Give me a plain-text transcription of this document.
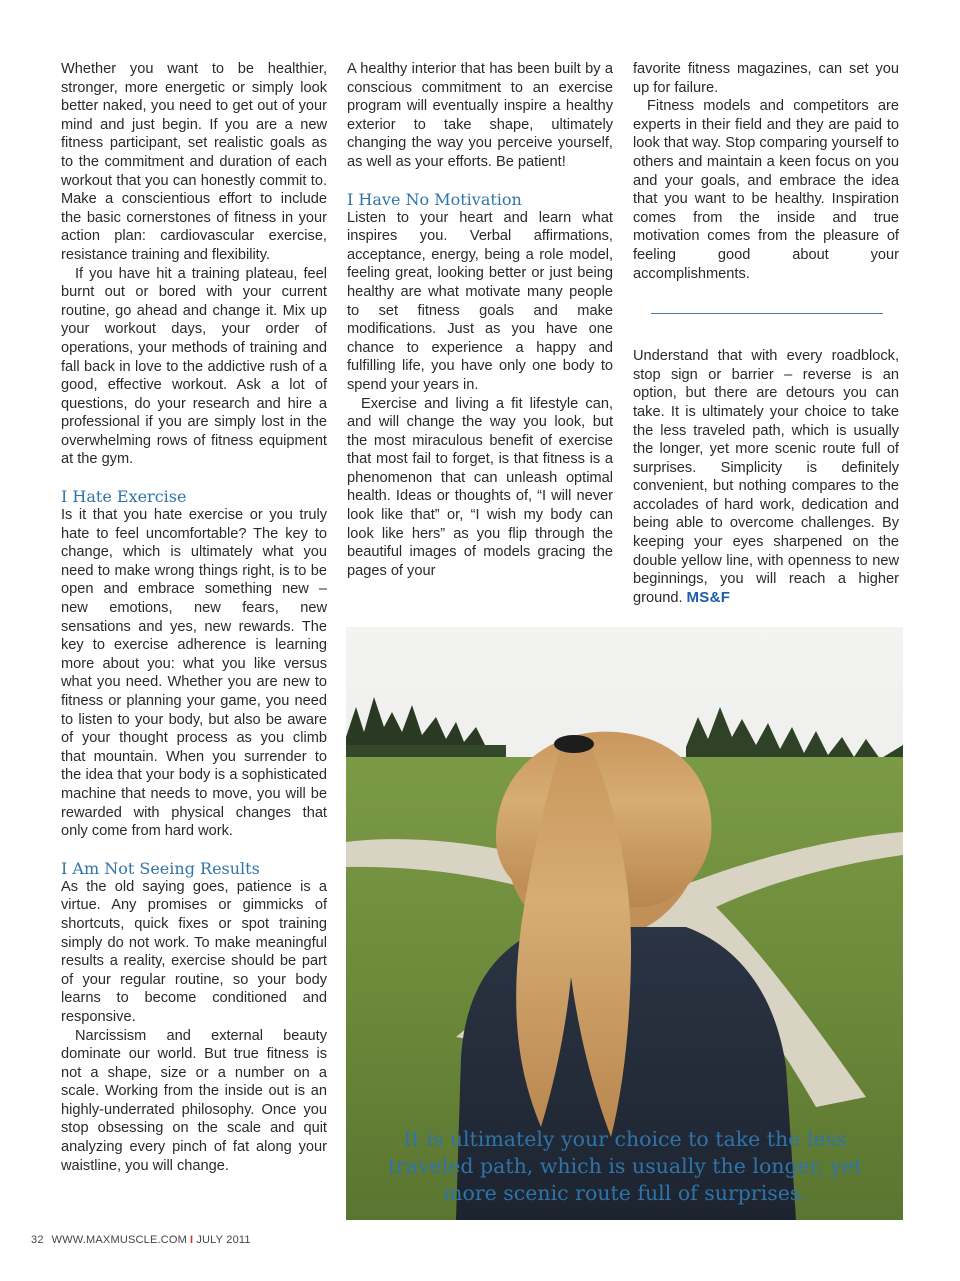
Whether you want to be healthier, stronger, more energetic or simply look better naked, you need to get out of your mind and just begin. If you are a new fitness participant, set realistic goals as to the commitment and duration of each workout that you can honestly commit to. Make a conscientious effort to include the basic cornerstones of fitness in your action plan: cardiovascular exercise, resistance training and flexibility.

If you have hit a training plateau, feel burnt out or bored with your current routine, go ahead and change it. Mix up your workout days, your order of operations, your methods of training and fall back in love to the addictive rush of a good, effective workout. Ask a lot of questions, do your research and hire a professional if you are simply lost in the overwhelming rows of fitness equipment at the gym.

I Hate Exercise

Is it that you hate exercise or you truly hate to feel uncomfortable? The key to change, which is ultimately what you need to make wrong things right, is to be open and embrace something new – new emotions, new fears, new sensations and yes, new rewards. The key to exercise adherence is learning more about you: what you like versus what you need. Whether you are new to fitness or planning your game, you need to listen to your body, but also be aware of your thought process as you climb that mountain. When you surrender to the idea that your body is a sophisticated machine that needs to move, you will be rewarded with physical changes that only come from hard work.

I Am Not Seeing Results

As the old saying goes, patience is a virtue. Any promises or gimmicks of shortcuts, quick fixes or spot training simply do not work. To make meaningful results a reality, exercise should be part of your regular routine, so your body learns to become conditioned and responsive.

Narcissism and external beauty dominate our world. But true fitness is not a shape, size or a number on a scale. Working from the inside out is an highly-underrated philosophy. Once you stop obsessing on the scale and quit analyzing every pinch of fat along your waistline, you will change.

A healthy interior that has been built by a conscious commitment to an exercise program will eventually inspire a healthy exterior to take shape, ultimately changing the way you perceive yourself, as well as your efforts. Be patient!

I Have No Motivation

Listen to your heart and learn what inspires you. Verbal affirmations, acceptance, energy, being a role model, feeling great, looking better or just being healthy are what motivate many people to set fitness goals and make modifications. Just as you have one chance to experience a happy and fulfilling life, you have only one body to spend your years in.

Exercise and living a fit lifestyle can, and will change the way you look, but the most miraculous benefit of exercise that most fail to forget, is that fitness is a phenomenon that can unleash optimal health. Ideas or thoughts of, “I will never look like that” or, “I wish my body can look like hers” as you flip through the beautiful images of models gracing the pages of your

favorite fitness magazines, can set you up for failure.

Fitness models and competitors are experts in their field and they are paid to look that way. Stop comparing yourself to others and maintain a keen focus on you and your goals, and embrace the idea that you want to be healthy. Inspiration comes from the inside and true motivation comes from the pleasure of feeling good about your accomplishments.

Understand that with every roadblock, stop sign or barrier – reverse is an option, but there are detours you can take. It is ultimately your choice to take the less traveled path, which is usually the longer, yet more scenic route full of surprises. Simplicity is definitely convenient, but nothing compares to the accolades of hard work, dedication and being able to overcome challenges. By keeping your eyes sharpened on the double yellow line, with openness to new beginnings, you will reach a higher ground. MS&F

It is ultimately your choice to take the less traveled path, which is usually the longer, yet more scenic route full of surprises.
32 WWW.MAXMUSCLE.COM I JULY 2011
